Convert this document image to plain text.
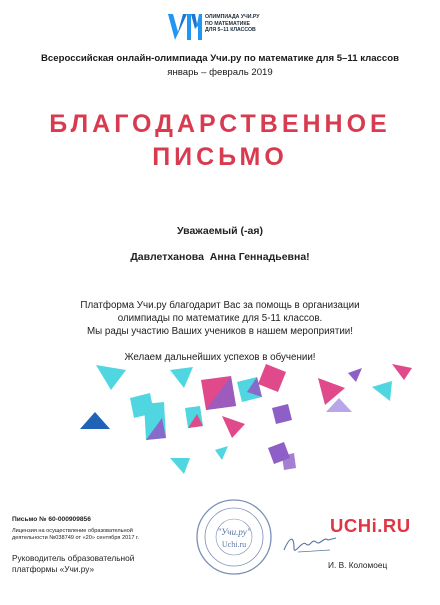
ОЛИМПИАДА УЧИ.РУ
ПО МАТЕМАТИКЕ
ДЛЯ 5–11 КЛАССОВ
Всероссийская онлайн-олимпиада Учи.ру по математике для 5–11 классов
январь – февраль 2019
БЛАГОДАРСТВЕННОЕ
ПИСЬМО
Уважаемый (-ая)
Давлетханова  Анна Геннадьевна!
Платформа Учи.ру благодарит Вас за помощь в организации
олимпиады по математике для 5-11 классов.
Мы рады участию Ваших учеников в нашем мероприятии!
Желаем дальнейших успехов в обучении!
Письмо № 60-000909856
Лицензия на осуществление образовательной
деятельности №038749 от «20» сентября 2017 г.
Руководитель образовательной
платформы «Учи.ру»
"Учи.ру"
Uchi.ru
UCHi.RU
И. В. Коломоец
